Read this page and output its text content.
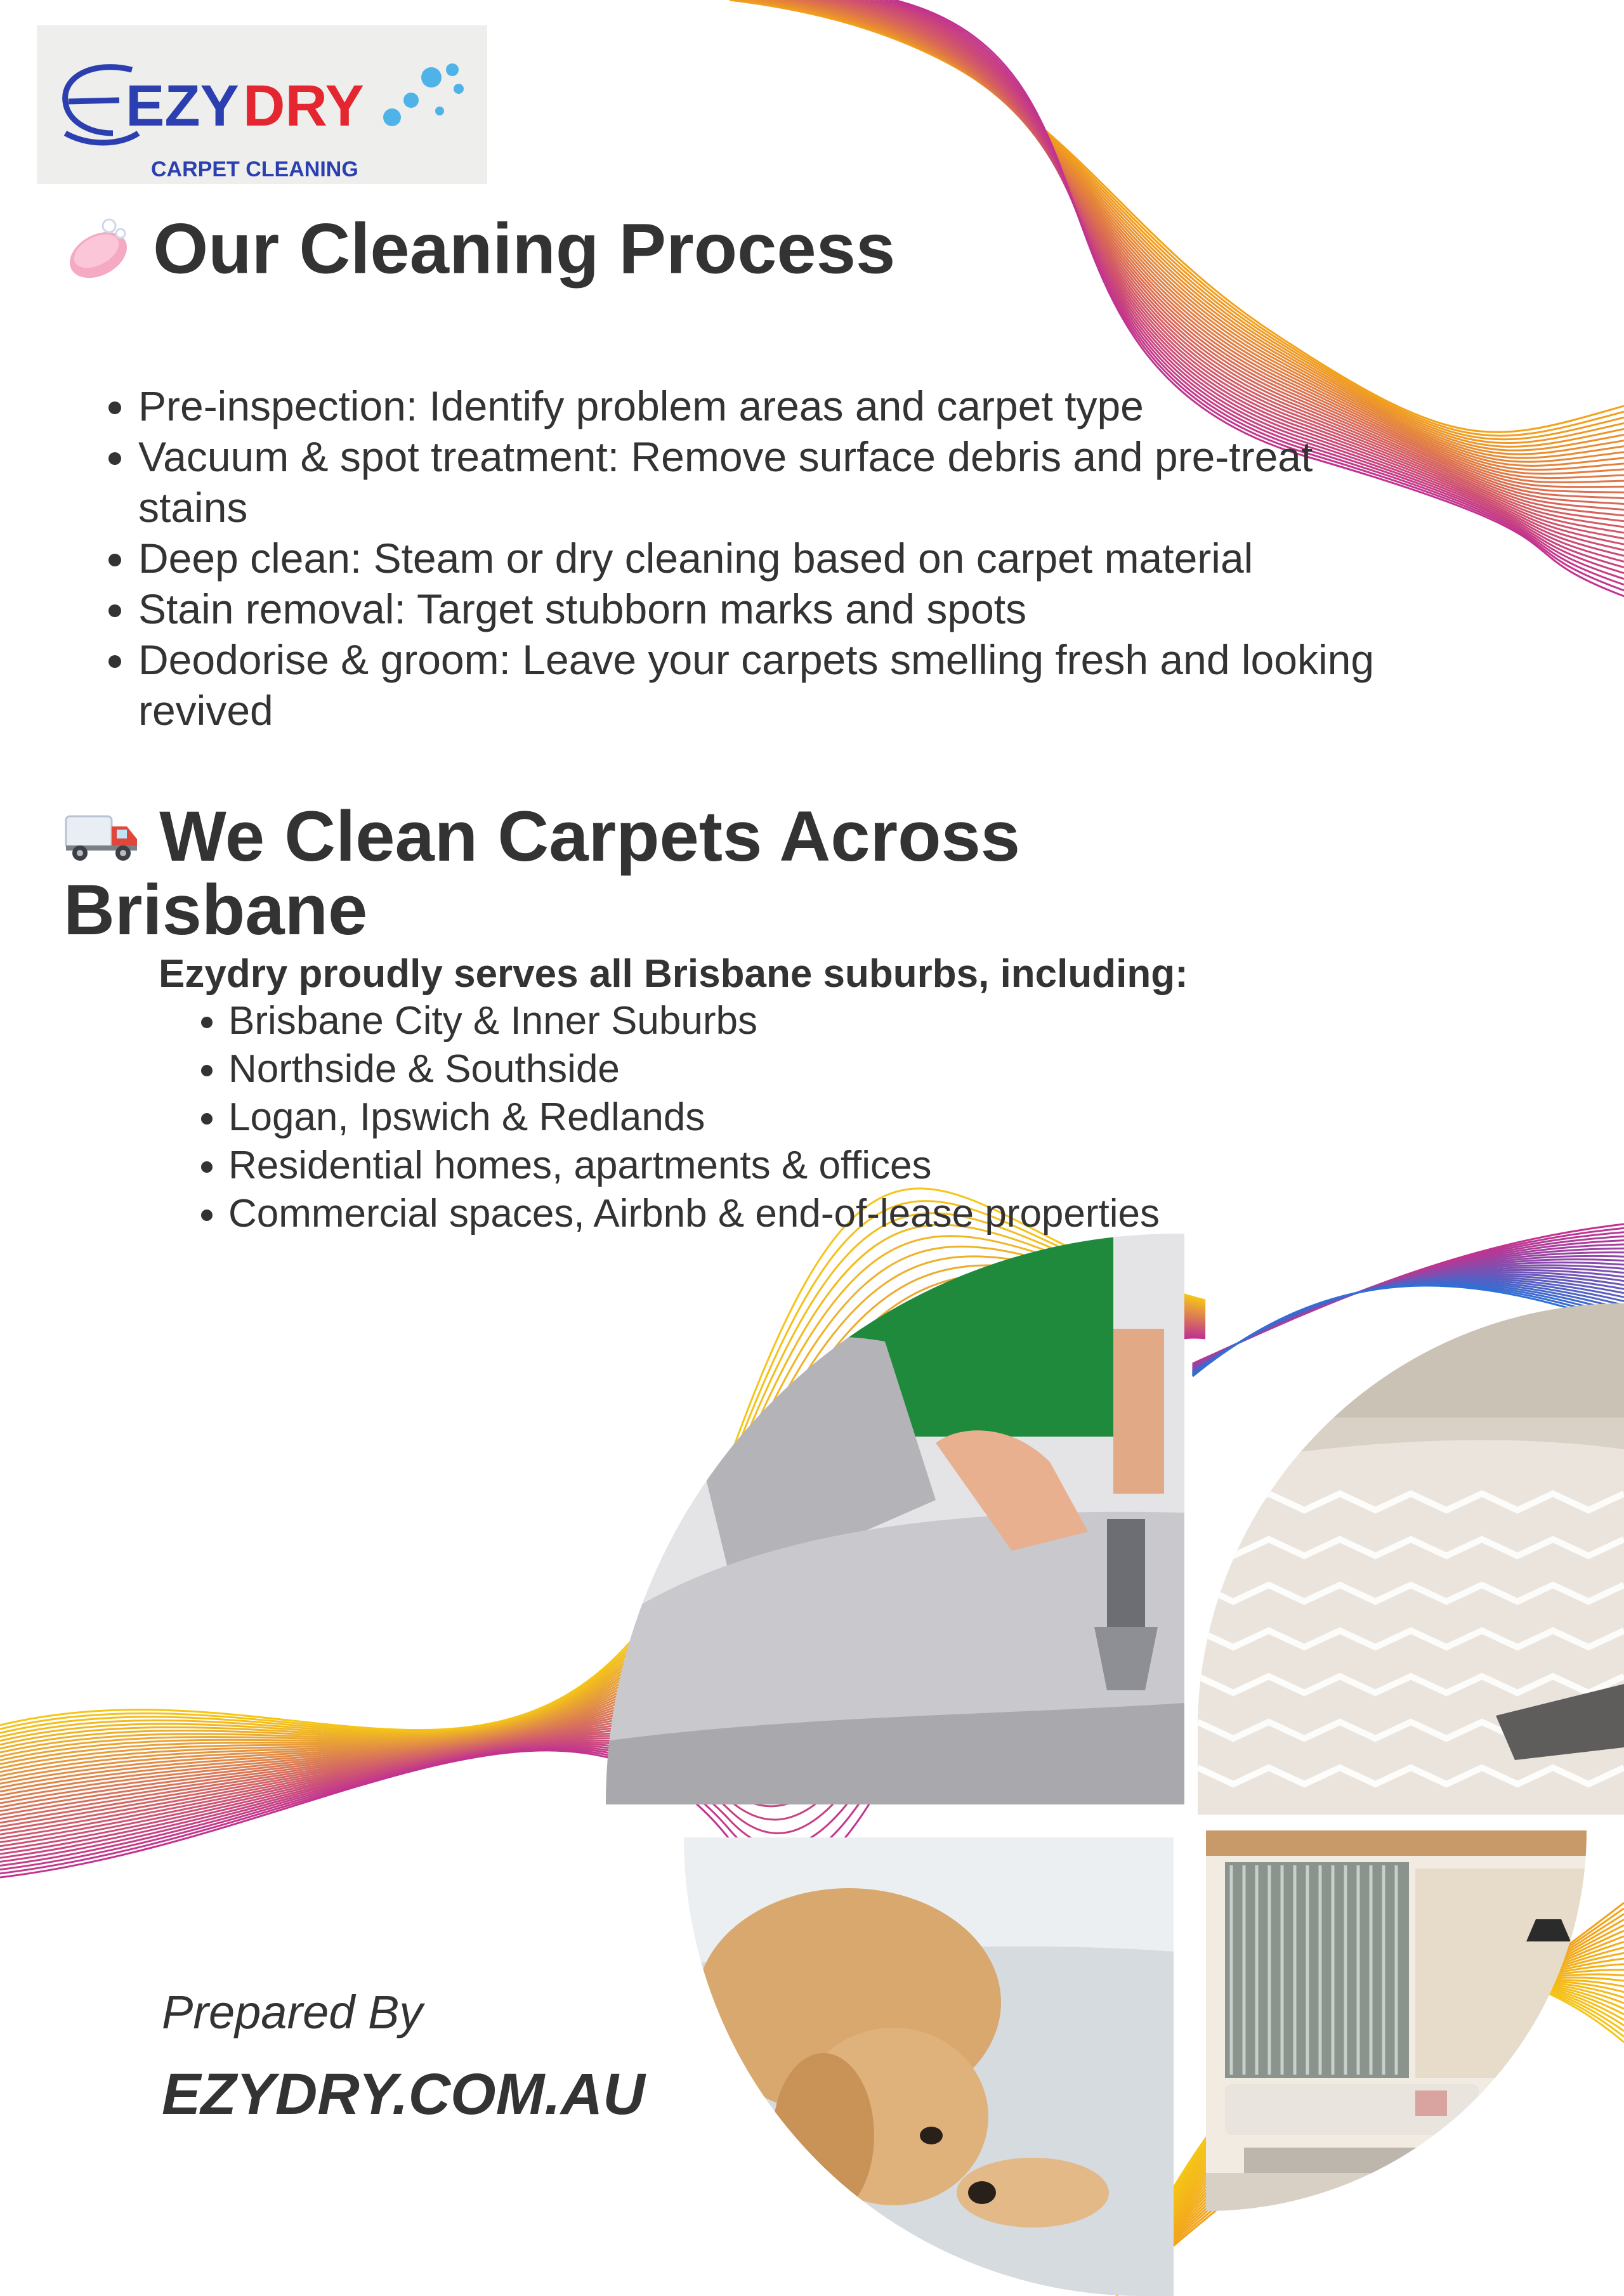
EZY DRY
CARPET CLEANING
Our Cleaning Process
• Pre-inspection: Identify problem areas and carpet type
• Vacuum & spot treatment: Remove surface debris and pre-treat stains
• Deep clean: Steam or dry cleaning based on carpet material
• Stain removal: Target stubborn marks and spots
• Deodorise & groom: Leave your carpets smelling fresh and looking revived
We Clean Carpets Across Brisbane
Ezydry proudly serves all Brisbane suburbs, including:
• Brisbane City & Inner Suburbs
• Northside & Southside
• Logan, Ipswich & Redlands
• Residential homes, apartments & offices
• Commercial spaces, Airbnb & end-of-lease properties
Prepared By
EZYDRY.COM.AU
